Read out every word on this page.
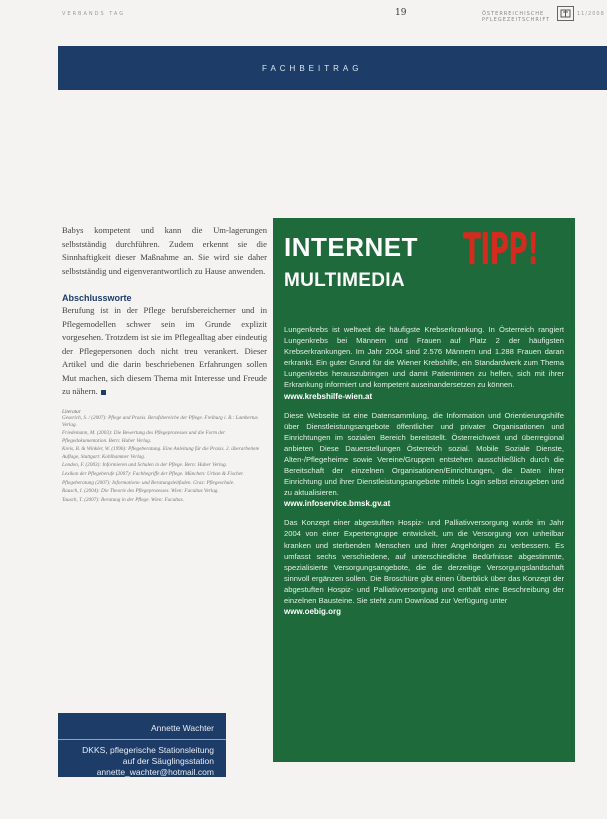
VERBANDS TAG	19	ÖSTERREICHISCHE PFLEGEZEITSCHRIFT
11/2008
FACHBEITRAG

Babys kompetent und kann die Um-lagerungen selbstständig durchführen. Zudem erkennt sie die Sinnhaftigkeit dieser Maßnahme an. Sie wird sie daher selbstständig und eigenverantwortlich zu Hause anwenden.

Abschlussworte

Berufung ist in der Pflege berufsbereicherner und in Pflegemodellen schwer sein im Grunde explizit vorgesehen. Trotzdem ist sie im Pflegealltag aber eindeutig der Pflegepersonen doch nicht treu verankert. Dieser Artikel und die darin beschriebenen Erfahrungen sollen Mut machen, sich diesem Thema mit Interesse und Freude zu nähern.

Literatur

Geserich, S. / (2007): Pflege und Praxis. Berufsbereiche der Pflege. Freiburg i. B.: Lambertus Verlag.

Friedemann, M. (2003): Die Bewertung des Pflegeprozesses und die Form der Pflegedokumentation. Bern: Huber Verlag.

Kreis, B. & Winkler, W. (1996): Pflegeberatung. Eine Anleitung für die Praxis. 2. überarbeitete Auflage, Stuttgart: Kohlhammer Verlag.

London, F. (2003): Informieren und Schulen in der Pflege. Bern: Huber Verlag.

Lexikon der Pflegeberufe (2007): Fachbegriffe der Pflege. München: Urban & Fischer.

Pflegeberatung (2007): Informations- und Beratungsleitfaden. Graz: Pflegeschule.

Rausch, I. (2004): Die Theorie des Pflegeprozesses. Wien: Facultas Verlag.

Tausch, T. (2007): Beratung in der Pflege. Wien: Facultas.

Annette Wachter
DKKS, pflegerische Stationsleitung
auf der Säuglingsstation
annette_wachter@hotmail.com
INTERNET
MULTIMEDIA
TIPP!

Lungenkrebs ist weltweit die häufigste Krebserkrankung. In Österreich rangiert Lungenkrebs bei Männern und Frauen auf Platz 2 der häufigsten Krebserkrankungen. Im Jahr 2004 sind 2.576 Männern und 1.288 Frauen daran erkrankt. Ein guter Grund für die Wiener Krebshilfe, ein Standardwerk zum Thema Lungenkrebs herauszubringen und damit Patientinnen zu helfen, sich mit ihrer Erkrankung informiert und kompetent auseinandersetzen zu können.

www.krebshilfe-wien.at

Diese Webseite ist eine Datensammlung, die Information und Orientierungshilfe über Dienstleistungsangebote öffentlicher und privater Organisationen und Einrichtungen im sozialen Bereich bereitstellt. Österreichweit und überregional anbieten Diese Dauerstellungen Österreich sozial. Mobile Soziale Dienste, Alten-/Pflegeheime sowie Vereine/Gruppen entstehen ausschließlich durch die Bereitschaft der einzelnen Organisationen/Einrichtungen, die Daten ihrer Einrichtung und ihrer Dienstleistungsangebote mittels Login selbst einzugeben und zu aktualisieren.

www.infoservice.bmsk.gv.at

Das Konzept einer abgestuften Hospiz- und Palliativversorgung wurde im Jahr 2004 von einer Expertengruppe entwickelt, um die Versorgung von unheilbar kranken und sterbenden Menschen und ihrer Angehörigen zu verbessern. Es umfasst sechs verschiedene, auf unterschiedliche Bedürfnisse abgestimmte, spezialisierte Versorgungsangebote, die die derzeitige Versorgungslandschaft sinnvoll ergänzen sollen. Die Broschüre gibt einen Überblick über das Konzept der abgestuften Hospiz- und Palliativversorgung und enthält eine Beschreibung der einzelnen Bausteine. Sie steht zum Download zur Verfügung unter

www.oebig.org
